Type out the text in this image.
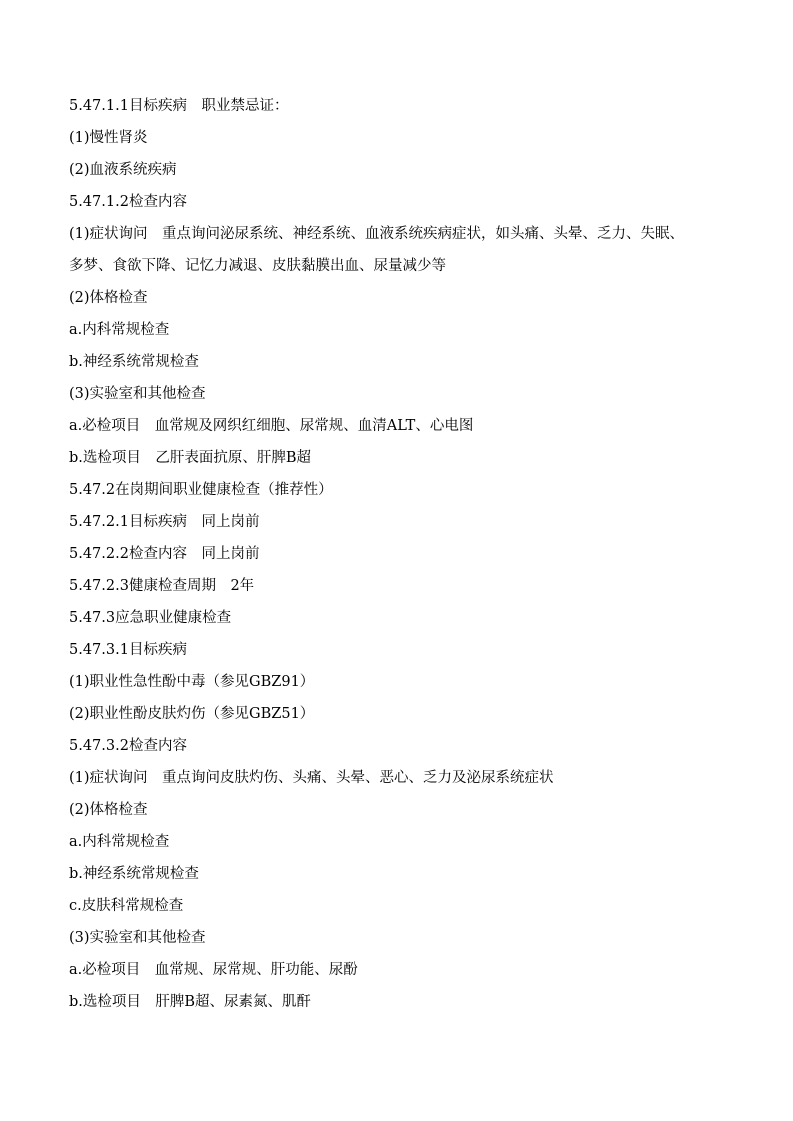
5.47.1.1目标疾病　职业禁忌证：
(1)慢性肾炎
(2)血液系统疾病
5.47.1.2检查内容
(1)症状询问　重点询问泌尿系统、神经系统、血液系统疾病症状，如头痛、头晕、乏力、失眠、
多梦、食欲下降、记忆力减退、皮肤黏膜出血、尿量减少等
(2)体格检查
a.内科常规检查
b.神经系统常规检查
(3)实验室和其他检查
a.必检项目　血常规及网织红细胞、尿常规、血清ALT、心电图
b.选检项目　乙肝表面抗原、肝脾B超
5.47.2在岗期间职业健康检查（推荐性）
5.47.2.1目标疾病　同上岗前
5.47.2.2检查内容　同上岗前
5.47.2.3健康检查周期　2年
5.47.3应急职业健康检查
5.47.3.1目标疾病
(1)职业性急性酚中毒（参见GBZ91）
(2)职业性酚皮肤灼伤（参见GBZ51）
5.47.3.2检查内容
(1)症状询问　重点询问皮肤灼伤、头痛、头晕、恶心、乏力及泌尿系统症状
(2)体格检查
a.内科常规检查
b.神经系统常规检查
c.皮肤科常规检查
(3)实验室和其他检查
a.必检项目　血常规、尿常规、肝功能、尿酚
b.选检项目　肝脾B超、尿素氮、肌酐
